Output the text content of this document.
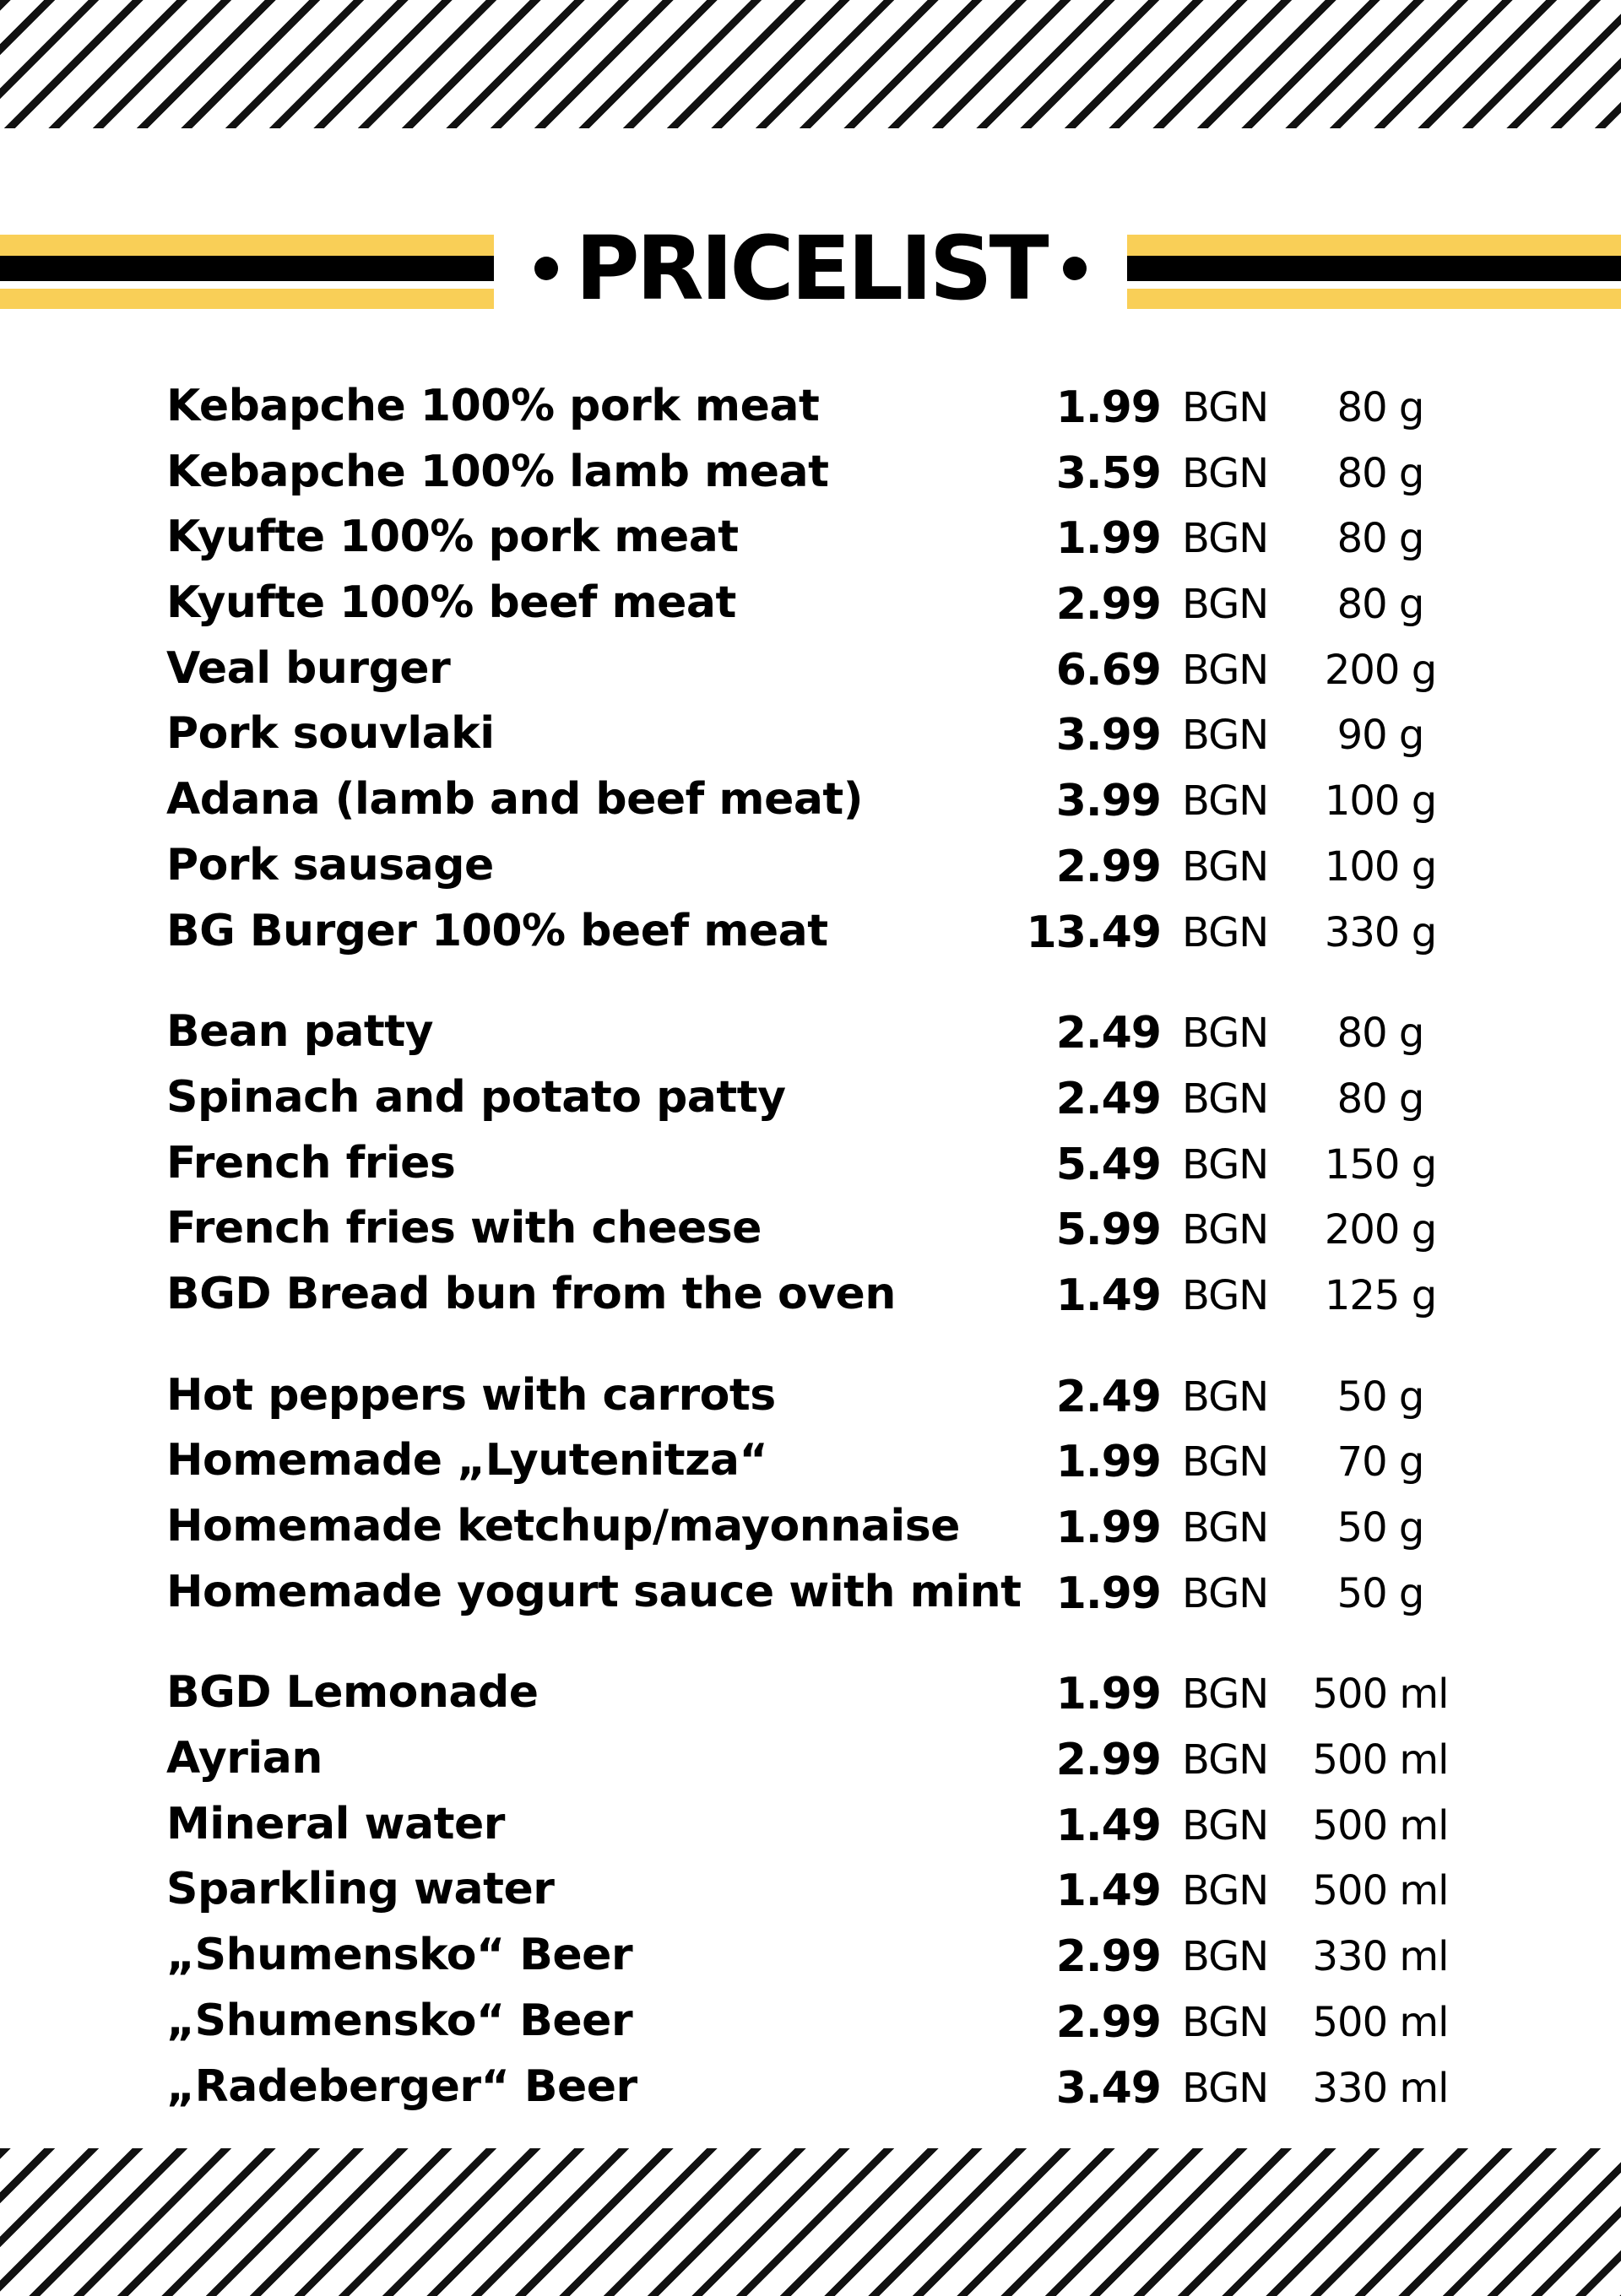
PRICELIST
Kebapche 100% pork meat	1.99 BGN	80 g
Kebapche 100% lamb meat	3.59 BGN	80 g
Kyufte 100% pork meat	1.99 BGN	80 g
Kyufte 100% beef meat	2.99 BGN	80 g
Veal burger	6.69 BGN	200 g
Pork souvlaki	3.99 BGN	90 g
Adana (lamb and beef meat)	3.99 BGN	100 g
Pork sausage	2.99 BGN	100 g
BG Burger 100% beef meat	13.49 BGN	330 g
Bean patty	2.49 BGN	80 g
Spinach and potato patty	2.49 BGN	80 g
French fries	5.49 BGN	150 g
French fries with cheese	5.99 BGN	200 g
BGD Bread bun from the oven	1.49 BGN	125 g
Hot peppers with carrots	2.49 BGN	50 g
Homemade „Lyutenitza“	1.99 BGN	70 g
Homemade ketchup/mayonnaise 1.99 BGN	50 g
Homemade yogurt sauce with mint 1.99 BGN	50 g
BGD Lemonade	1.99 BGN	500 ml
Ayrian	2.99 BGN	500 ml
Mineral water	1.49 BGN	500 ml
Sparkling water	1.49 BGN	500 ml
„Shumensko“ Beer	2.99 BGN	330 ml
„Shumensko“ Beer	2.99 BGN	500 ml
„Radeberger“ Beer	3.49 BGN	330 ml
